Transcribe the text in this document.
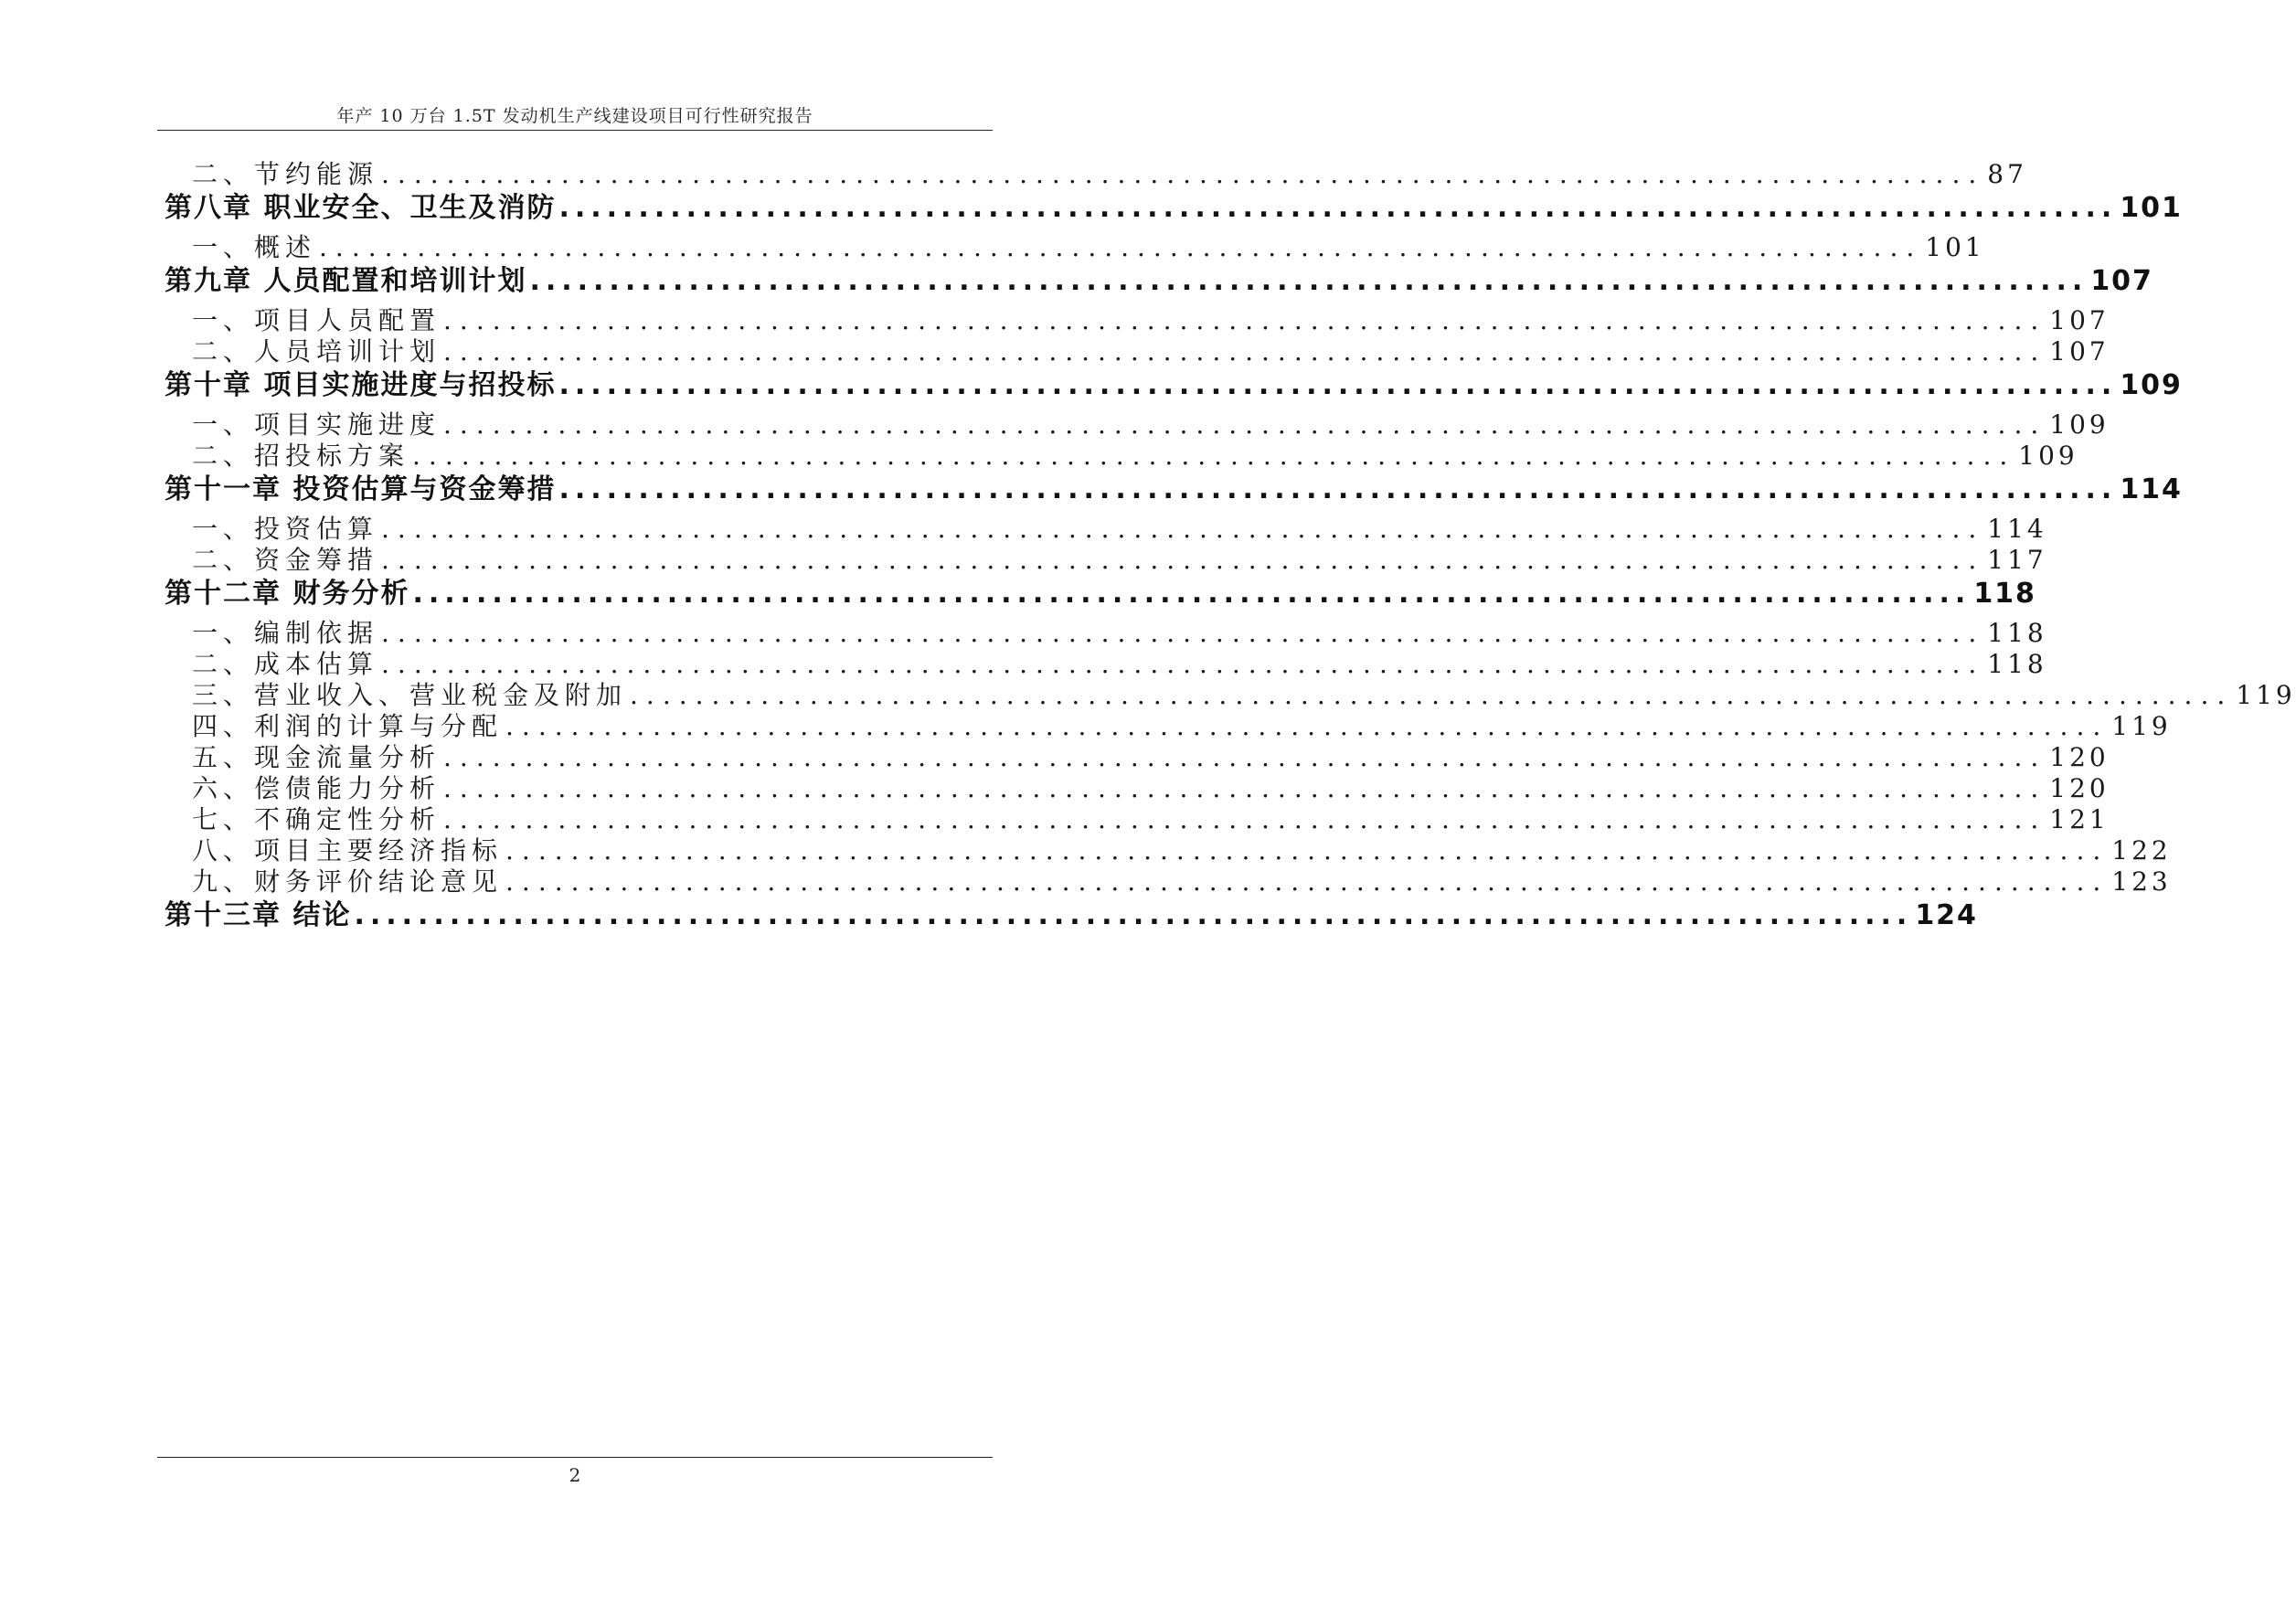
年产 10 万台 1.5T 发动机生产线建设项目可行性研究报告
二、节约能源 .................................................................................................. 87
第八章 职业安全、卫生及消防 .................................................................................................. 101
一、概述 .................................................................................................. 101
第九章 人员配置和培训计划 .................................................................................................. 107
一、项目人员配置 .................................................................................................. 107
二、人员培训计划 .................................................................................................. 107
第十章 项目实施进度与招投标 .................................................................................................. 109
一、项目实施进度 .................................................................................................. 109
二、招投标方案 .................................................................................................. 109
第十一章 投资估算与资金筹措 .................................................................................................. 114
一、投资估算 .................................................................................................. 114
二、资金筹措 .................................................................................................. 117
第十二章 财务分析 .................................................................................................. 118
一、编制依据 .................................................................................................. 118
二、成本估算 .................................................................................................. 118
三、营业收入、营业税金及附加 .................................................................................................. 119
四、利润的计算与分配 .................................................................................................. 119
五、现金流量分析 .................................................................................................. 120
六、偿债能力分析 .................................................................................................. 120
七、不确定性分析 .................................................................................................. 121
八、项目主要经济指标 .................................................................................................. 122
九、财务评价结论意见 .................................................................................................. 123
第十三章 结论 .................................................................................................. 124
2
